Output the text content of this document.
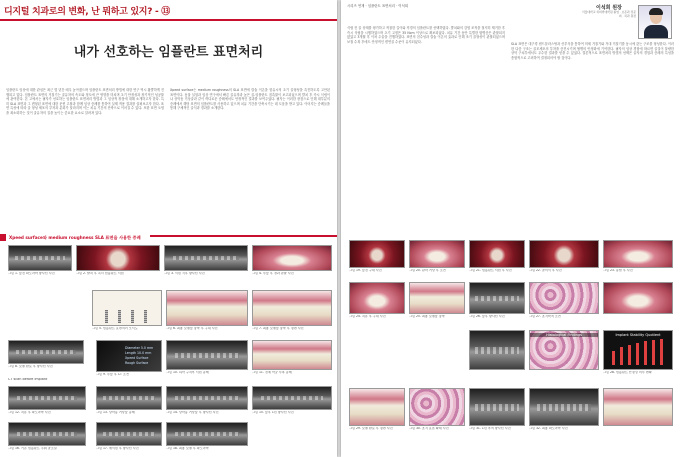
디지털 치과로의 변화, 난 뭐하고 있지? - ⑬
내가 선호하는 임플란트 표면처리
임플란트 임상에 대한 관심은 최근 몇 년간 매우 높아졌으며 임플란트 표면처리 방법에 대한 연구 역시 활발하게 진행되고 있다. 임플란트 표면의 거칠기는 골유착의 속도와 정도에 큰 영향을 미치며 초기 안정성과 장기적인 성공률에 관여한다. 본 고에서는 필자가 선호하는 임플란트 표면처리 방법과 그 임상적 장점에 대해 소개하고자 한다. 특히 SLA 표면과 그 변형된 표면에 대한 문헌 고찰과 함께 임상 증례를 통하여 실제 적용 결과를 살펴보고자 한다. 표면 특성에 따라 골 형성 세포의 부착과 분화가 달라지며 이는 치유 기간의 단축으로 이어질 수 있다. 또한 표면 오염을 최소화하는 것이 골유착의 질을 높이는 중요한 요소로 알려져 있다.
Xpeed surface는 medium roughness의 SLA 표면에 칼슘 이온을 함유시켜 초기 골형성을 촉진하도록 고안된 표면이다. 동물 실험과 임상 연구에서 빠른 골유착과 높은 골-임플란트 접촉률이 보고되었으며 발치 후 즉시 식립이나 상악동 거상술과 같이 까다로운 증례에서도 안정적인 결과를 보여주었다. 필자는 이러한 장점으로 인해 대부분의 증례에서 해당 표면의 임플란트를 사용하고 있으며 치유 기간을 단축시키는 데 도움을 받고 있다. 이어지는 증례들을 통해 구체적인 술식과 경과를 소개한다.
Xpeed surface와 medium roughness SLA 표면을 사용한 증례
그림 1. 술전 파노라마 방사선 사진	그림 2. 발치 후 즉시 임플란트 식립	그림 3. 식립 직후 방사선 사진	그림 4. 수술 후 경과 관찰 사진
그림 5. 임플란트 표면처리 모식도	그림 6. 최종 보철물 장착 후 구내 사진	그림 7. 최종 보철물 장착 후 정면 사진
그림 8. 보철 완료 후 방사선 사진
Diameter 5.0 mm
Length 10.0 mm
Xpeed Surface
Rough Surface
그림 9. 수술 후 CT 소견	그림 10. 하악 구치부 식립 증례	그림 11. 전체 악궁 수복 증례
CT scan before implant
그림 12. 치유 후 파노라마 사진	그림 13. 상악동 거상술 증례	그림 14. 상악동 거상술 후 방사선 사진	그림 15. 술후 1년 방사선 사진
그림 16. 기존 임플란트 주위 골소실	그림 17. 재식립 후 방사선 사진	그림 18. 최종 보철 후 파노라마
시리즈 연재 · 임플란트 표면처리 · 이석희	이석희 원장
서울대학교 치의학대학원 졸업 · 보존과 전문의 · 치과 원장
식립 전 골 상태를 평가하고 적절한 길이와 직경의 임플란트를 선택하였다. 발치와의 감염 조직을 철저히 제거한 후 즉시 식립을 시행하였으며 초기 고정은 35 Ncm 이상으로 확보되었다. 치유 기간 동안 특별한 합병증은 관찰되지 않았고 3개월 후 이차 수술을 진행하였다. 표면의 친수성과 칼슘 이온의 효과로 인해 조기 골형성이 관찰되었으며 보철 수복 후에도 안정적인 변연골 수준이 유지되었다.
SLA 표면은 대구경 샌드블라스팅과 산부식을 통하여 미세 거칠기와 거대 거칠기를 동시에 갖는 구조를 형성한다. 이러한 다층 구조는 골모세포의 부착을 증진시키며 혈병의 안정화에 기여한다. 필자의 임상 경험에 따르면 골질이 불량한 상악 구치부에서도 우수한 결과를 얻을 수 있었다. 결론적으로 표면처리 방법의 선택은 술자의 경험과 증례의 특성을 종합적으로 고려하여 결정되어야 할 것이다.
그림 19. 술전 구내 사진	그림 20. 판막 거상 후 소견	그림 21. 임플란트 식립 후 사진	그림 22. 골이식 후 사진	그림 23. 봉합 후 사진
그림 24. 치유 후 구내 사진	그림 25. 최종 보철물 장착	그림 26. 술후 방사선 사진	그림 27. 조직학적 소견
Histological Findings	Implant Stability Quotient
그림 28. 임플란트 안정성 지수 변화
그림 29. 보철 완료 후 정면 사진	그림 30. 조직 표본 확대 사진	그림 31. 1년 추적 방사선 사진	그림 32. 최종 파노라마 사진
